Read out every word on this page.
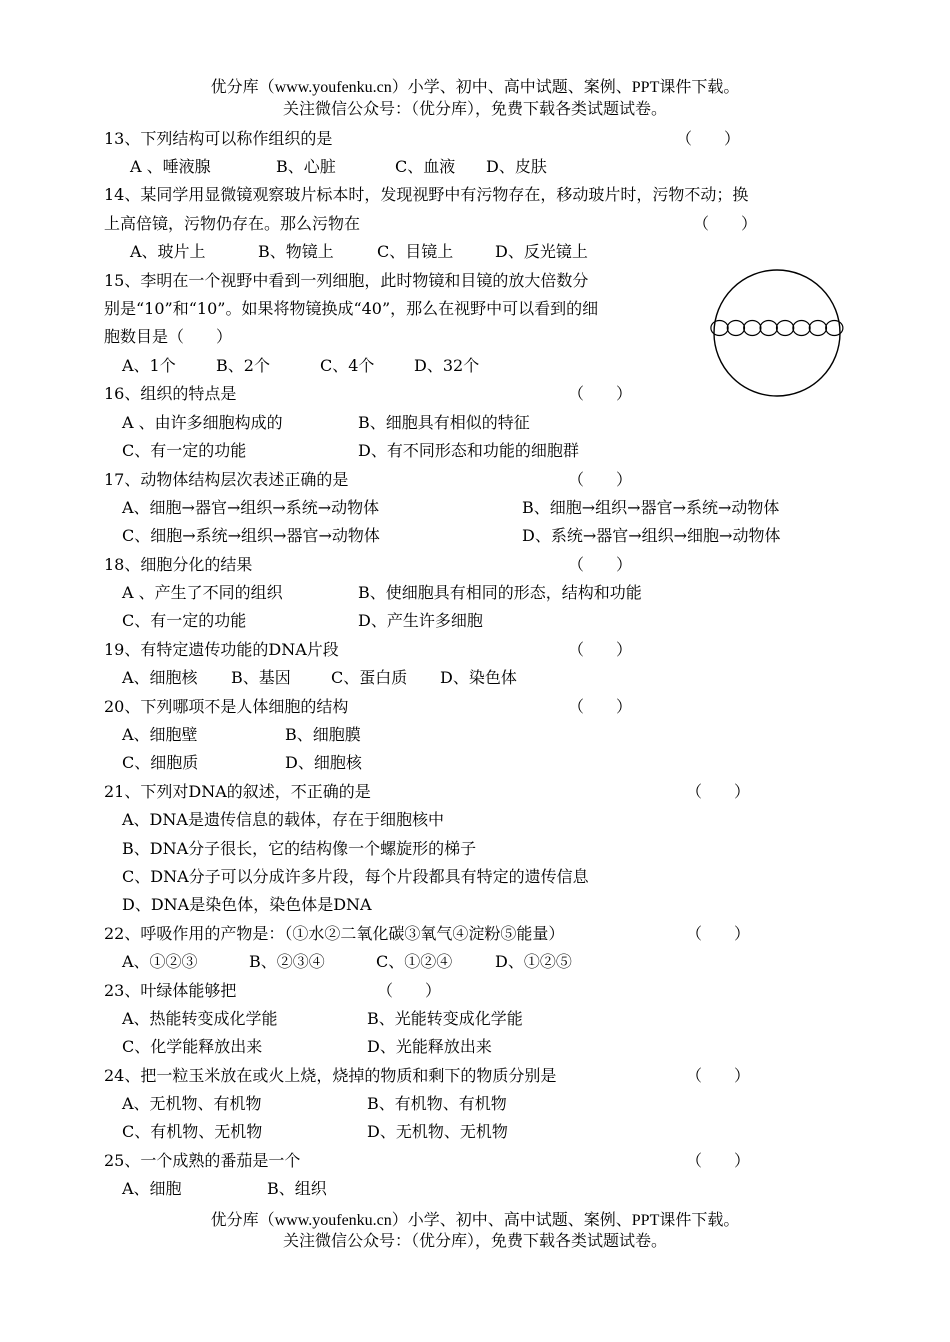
优分库（www.youfenku.cn）小学、初中、高中试题、案例、PPT课件下载。
关注微信公众号：（优分库），免费下载各类试题试卷。
13、下列结构可以称作组织的是	（　　）
A 、唾液腺	B、心脏	C、血液 D、皮肤
14、某同学用显微镜观察玻片标本时，发现视野中有污物存在，移动玻片时，污物不动；换
上高倍镜，污物仍存在。那么污物在	（　　）
A、玻片上	B、物镜上	C、目镜上	D、反光镜上
15、李明在一个视野中看到一列细胞，此时物镜和目镜的放大倍数分
别是“10”和“10”。如果将物镜换成“40”，那么在视野中可以看到的细
胞数目是（　　）
A、1个	B、2个	C、4个 D、32个
16、组织的特点是	（　　）
A 、由许多细胞构成的	B、细胞具有相似的特征
C、有一定的功能	D、有不同形态和功能的细胞群
17、动物体结构层次表述正确的是	（　　）
A、细胞→器官→组织→系统→动物体	B、细胞→组织→器官→系统→动物体
C、细胞→系统→组织→器官→动物体	D、系统→器官→组织→细胞→动物体
18、细胞分化的结果	（　　）
A 、产生了不同的组织	B、使细胞具有相同的形态，结构和功能
C、有一定的功能	D、产生许多细胞
19、有特定遗传功能的DNA片段	（　　）
A、细胞核 B、基因	C、蛋白质 D、染色体
20、下列哪项不是人体细胞的结构	（　　）
A、细胞壁	B、细胞膜
C、细胞质	D、细胞核
21、下列对DNA的叙述，不正确的是	（　　）
A、DNA是遗传信息的载体，存在于细胞核中
B、DNA分子很长，它的结构像一个螺旋形的梯子
C、DNA分子可以分成许多片段，每个片段都具有特定的遗传信息
D、DNA是染色体，染色体是DNA
22、呼吸作用的产物是：（①水②二氧化碳③氧气④淀粉⑤能量）	（　　）
A、①②③	B、②③④	C、①②④	D、①②⑤
23、叶绿体能够把	（　　）
A、热能转变成化学能	B、光能转变成化学能
C、化学能释放出来	D、光能释放出来
24、把一粒玉米放在或火上烧，烧掉的物质和剩下的物质分别是	（　　）
A、无机物、有机物	B、有机物、有机物
C、有机物、无机物	D、无机物、无机物
25、一个成熟的番茄是一个	（　　）
A、细胞	B、组织
优分库（www.youfenku.cn）小学、初中、高中试题、案例、PPT课件下载。
关注微信公众号：（优分库），免费下载各类试题试卷。
